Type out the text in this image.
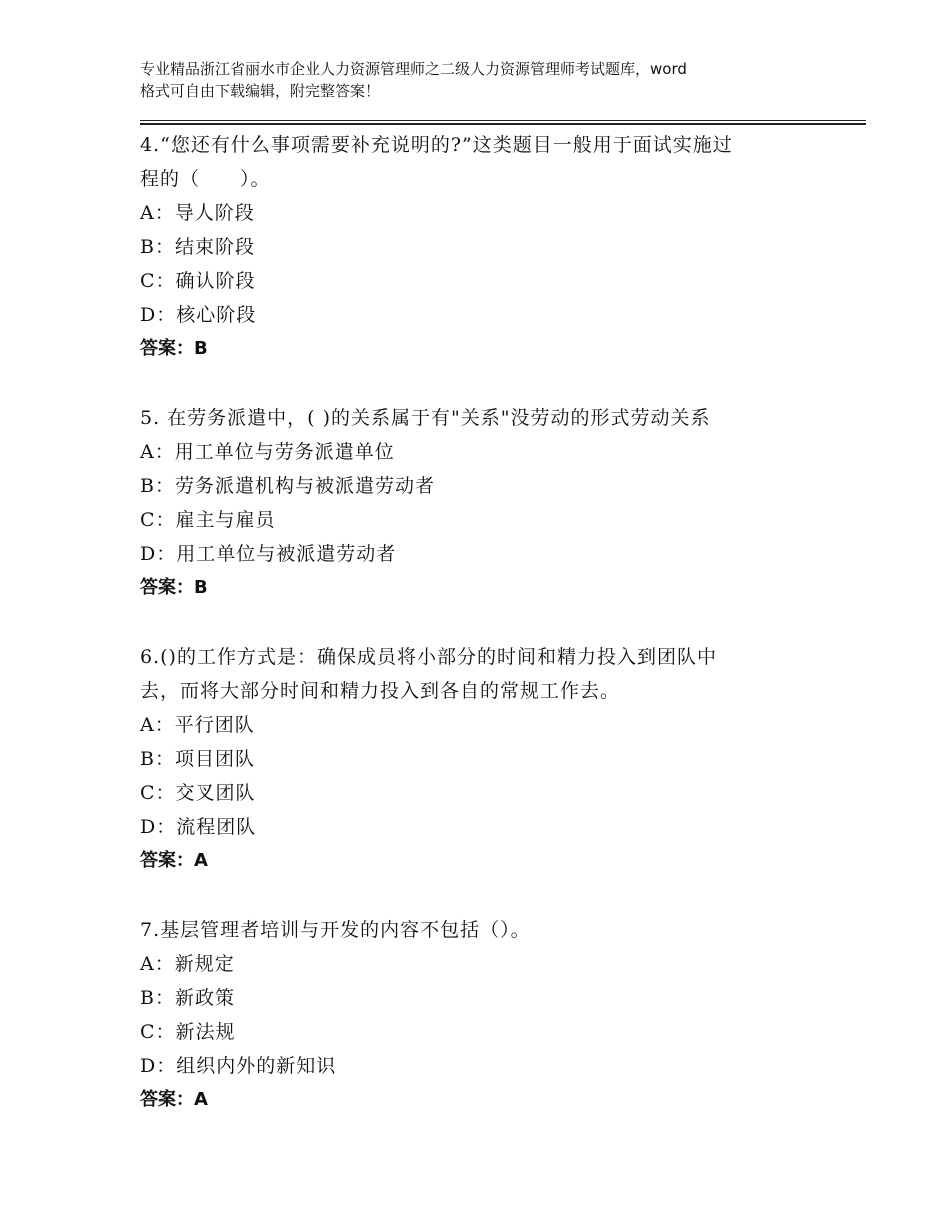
专业精品浙江省丽水市企业人力资源管理师之二级人力资源管理师考试题库，word
格式可自由下载编辑，附完整答案！
4.“您还有什么事项需要补充说明的?”这类题目一般用于面试实施过
程的（　　）。
A：导人阶段
B：结束阶段
C：确认阶段
D：核心阶段
答案：B
5. 在劳务派遣中，( )的关系属于有"关系"没劳动的形式劳动关系
A：用工单位与劳务派遣单位
B：劳务派遣机构与被派遣劳动者
C：雇主与雇员
D：用工单位与被派遣劳动者
答案：B
6.()的工作方式是：确保成员将小部分的时间和精力投入到团队中
去，而将大部分时间和精力投入到各自的常规工作去。
A：平行团队
B：项目团队
C：交叉团队
D：流程团队
答案：A
7.基层管理者培训与开发的内容不包括（）。
A：新规定
B：新政策
C：新法规
D：组织内外的新知识
答案：A
